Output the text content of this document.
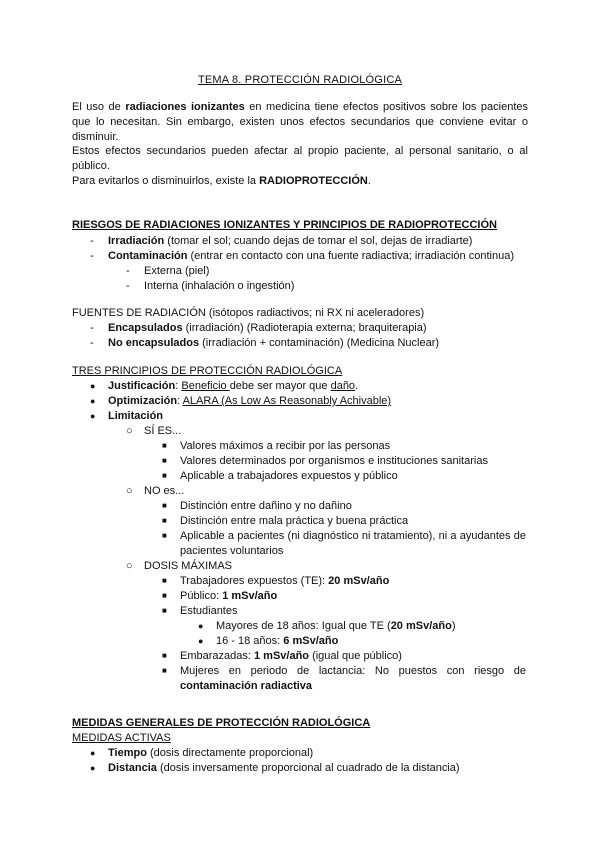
TEMA 8. PROTECCIÓN RADIOLÓGICA
El uso de radiaciones ionizantes en medicina tiene efectos positivos sobre los pacientes que lo necesitan. Sin embargo, existen unos efectos secundarios que conviene evitar o disminuir.
Estos efectos secundarios pueden afectar al propio paciente, al personal sanitario, o al público.
Para evitarlos o disminuirlos, existe la RADIOPROTECCIÓN.
RIESGOS DE RADIACIONES IONIZANTES Y PRINCIPIOS DE RADIOPROTECCIÓN
-	Irradiación (tomar el sol; cuando dejas de tomar el sol, dejas de irradiarte)
-	Contaminación (entrar en contacto con una fuente radiactiva; irradiación continua)
-	Externa (piel)
-	Interna (inhalación o ingestión)
FUENTES DE RADIACIÓN (isótopos radiactivos; ni RX ni aceleradores)
-	Encapsulados (irradiación) (Radioterapia externa; braquiterapia)
-	No encapsulados (irradiación + contaminación) (Medicina Nuclear)
TRES PRINCIPIOS DE PROTECCIÓN RADIOLÓGICA
●	Justificación: Beneficio debe ser mayor que daño.
●	Optimización: ALARA (As Low As Reasonably Achivable)
●	Limitación
○	SÍ ES...
■	Valores máximos a recibir por las personas
■	Valores determinados por organismos e instituciones sanitarias
■	Aplicable a trabajadores expuestos y público
○	NO es...
■	Distinción entre dañino y no dañino
■	Distinción entre mala práctica y buena práctica
■	Aplicable a pacientes (ni diagnóstico ni tratamiento), ni a ayudantes de pacientes voluntarios
○	DOSIS MÁXIMAS
■	Trabajadores expuestos (TE): 20 mSv/año
■	Público: 1 mSv/año
■	Estudiantes
●	Mayores de 18 años: Igual que TE (20 mSv/año)
●	16 - 18 años: 6 mSv/año
■	Embarazadas: 1 mSv/año (igual que público)
■	Mujeres en periodo de lactancia: No puestos con riesgo de contaminación radiactiva
MEDIDAS GENERALES DE PROTECCIÓN RADIOLÓGICA
MEDIDAS ACTIVAS
●	Tiempo (dosis directamente proporcional)
●	Distancia (dosis inversamente proporcional al cuadrado de la distancia)
